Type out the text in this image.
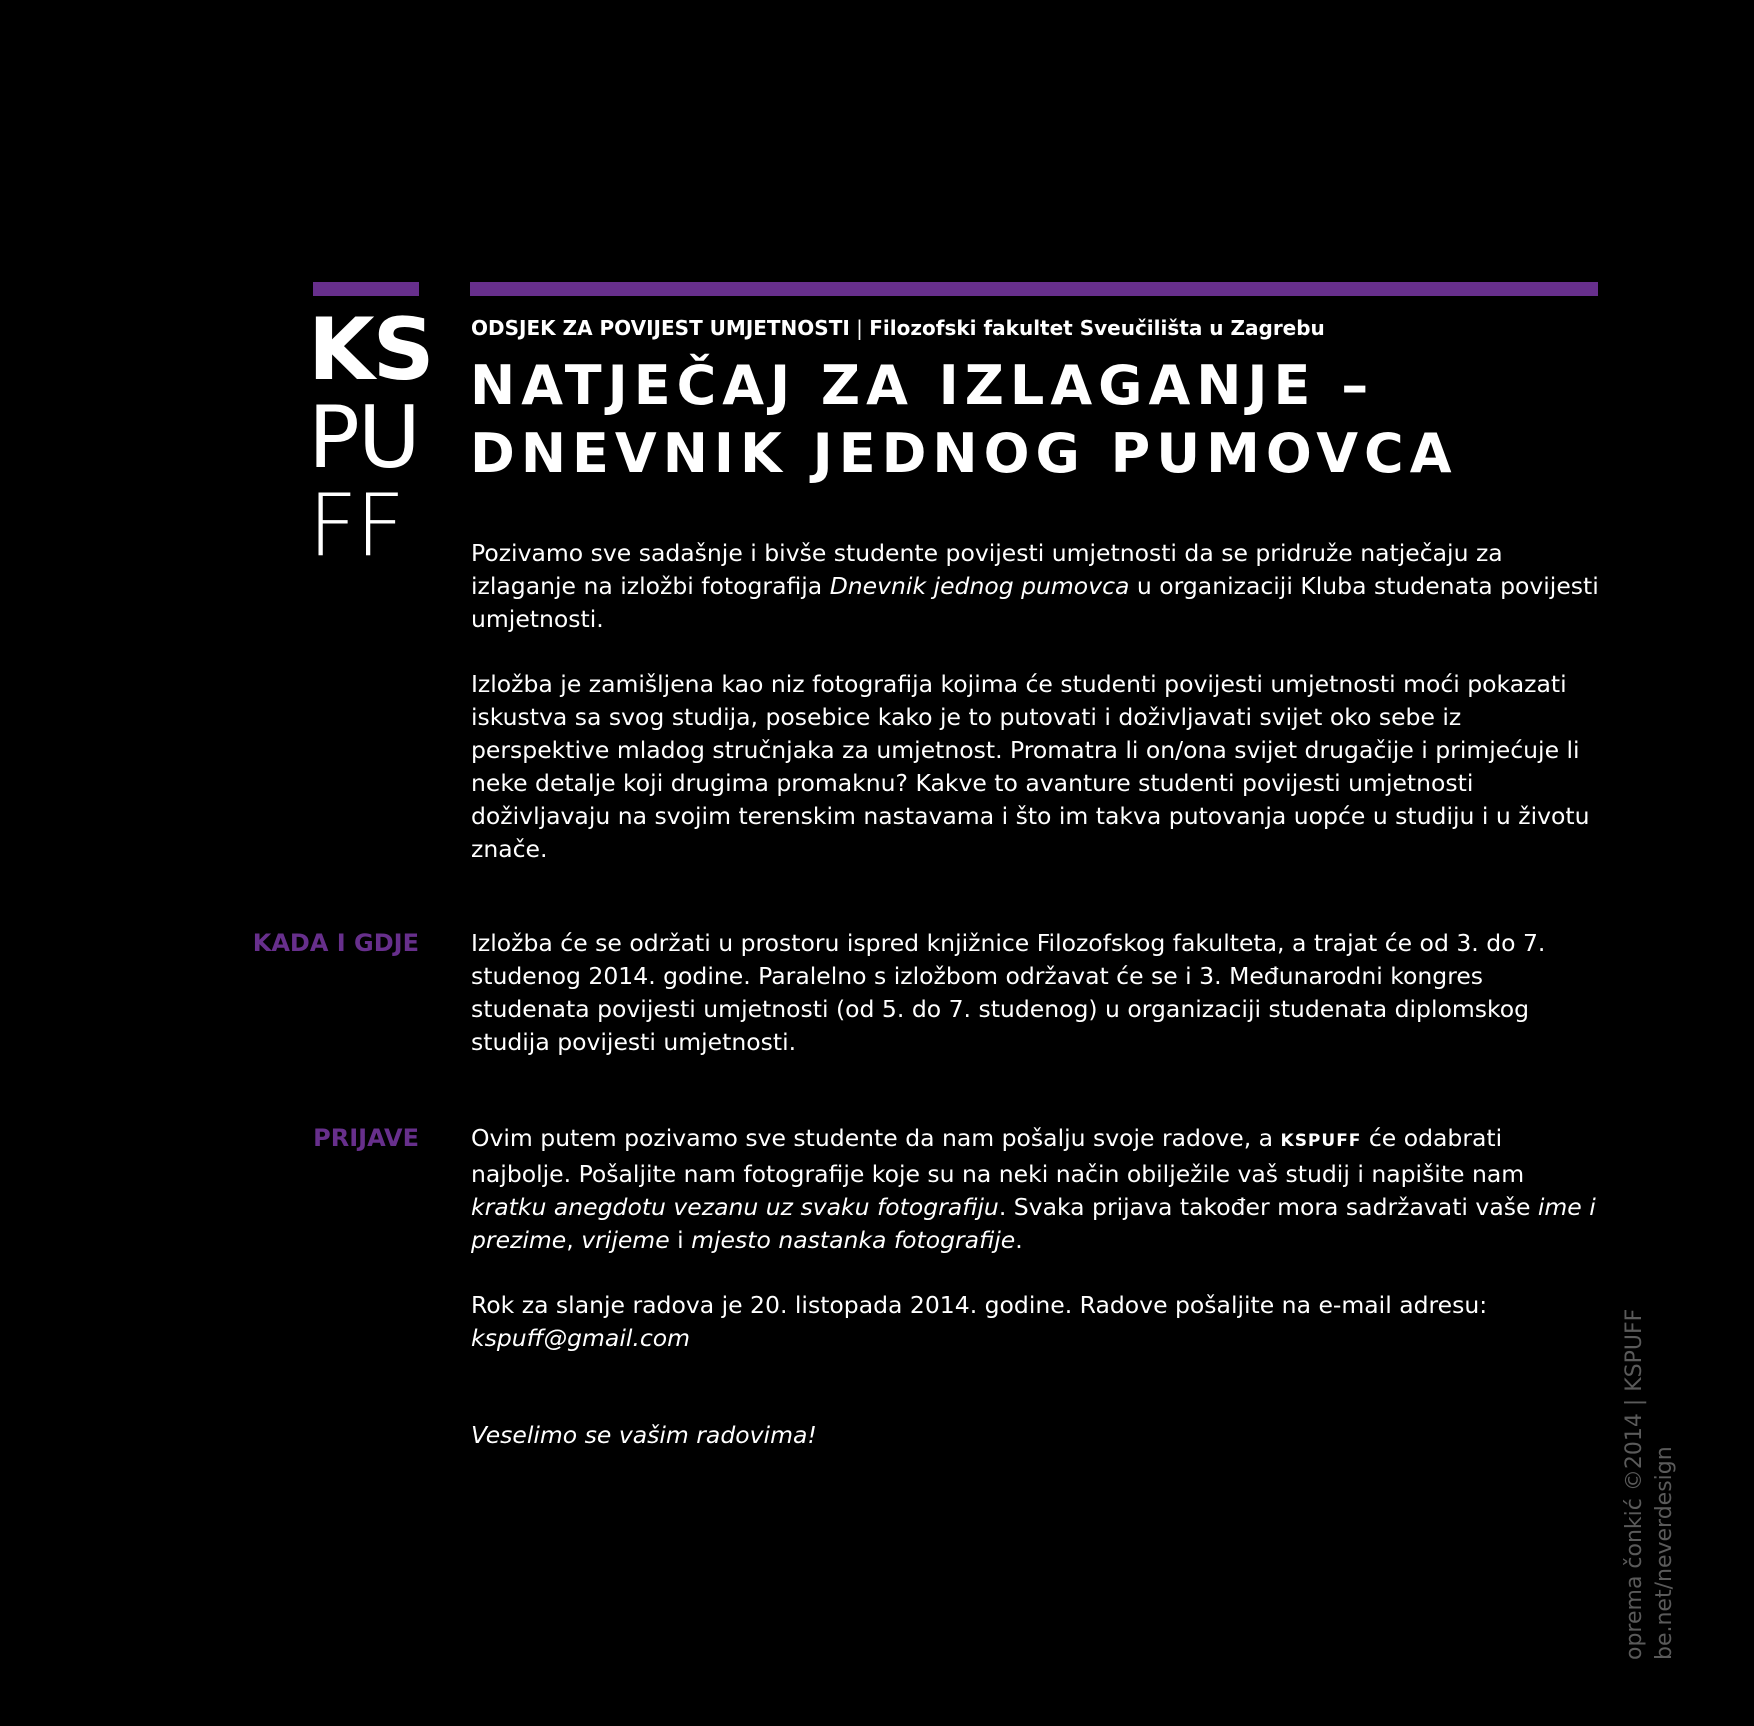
KS
PU
FF
ODSJEK ZA POVIJEST UMJETNOSTI | Filozofski fakultet Sveučilišta u Zagrebu
NATJEČAJ ZA IZLAGANJE –
DNEVNIK JEDNOG PUMOVCA

Pozivamo sve sadašnje i bivše studente povijesti umjetnosti da se pridruže natječaju za izlaganje na izložbi fotografija Dnevnik jednog pumovca u organizaciji Kluba studenata povijesti umjetnosti.

Izložba je zamišljena kao niz fotografija kojima će studenti povijesti umjetnosti moći pokazati iskustva sa svog studija, posebice kako je to putovati i doživljavati svijet oko sebe iz perspektive mladog stručnjaka za umjetnost. Promatra li on/ona svijet drugačije i primjećuje li neke detalje koji drugima promaknu? Kakve to avanture studenti povijesti umjetnosti doživljavaju na svojim terenskim nastavama i što im takva putovanja uopće u studiju i u životu znače.

KADA I GDJE Izložba će se održati u prostoru ispred knjižnice Filozofskog fakulteta, a trajat će od 3. do 7. studenog 2014. godine. Paralelno s izložbom održavat će se i 3. Međunarodni kongres studenata povijesti umjetnosti (od 5. do 7. studenog) u organizaciji studenata diplomskog studija povijesti umjetnosti.

PRIJAVE Ovim putem pozivamo sve studente da nam pošalju svoje radove, a KSPUFF će odabrati najbolje. Pošaljite nam fotografije koje su na neki način obilježile vaš studij i napišite nam kratku anegdotu vezanu uz svaku fotografiju. Svaka prijava također mora sadržavati vaše ime i prezime, vrijeme i mjesto nastanka fotografije.

Rok za slanje radova je 20. listopada 2014. godine. Radove pošaljite na e-mail adresu:

kspuff@gmail.com

Veselimo se vašim radovima!	oprema čonkić ©2014 | KSPUFF be.net/neverdesign
